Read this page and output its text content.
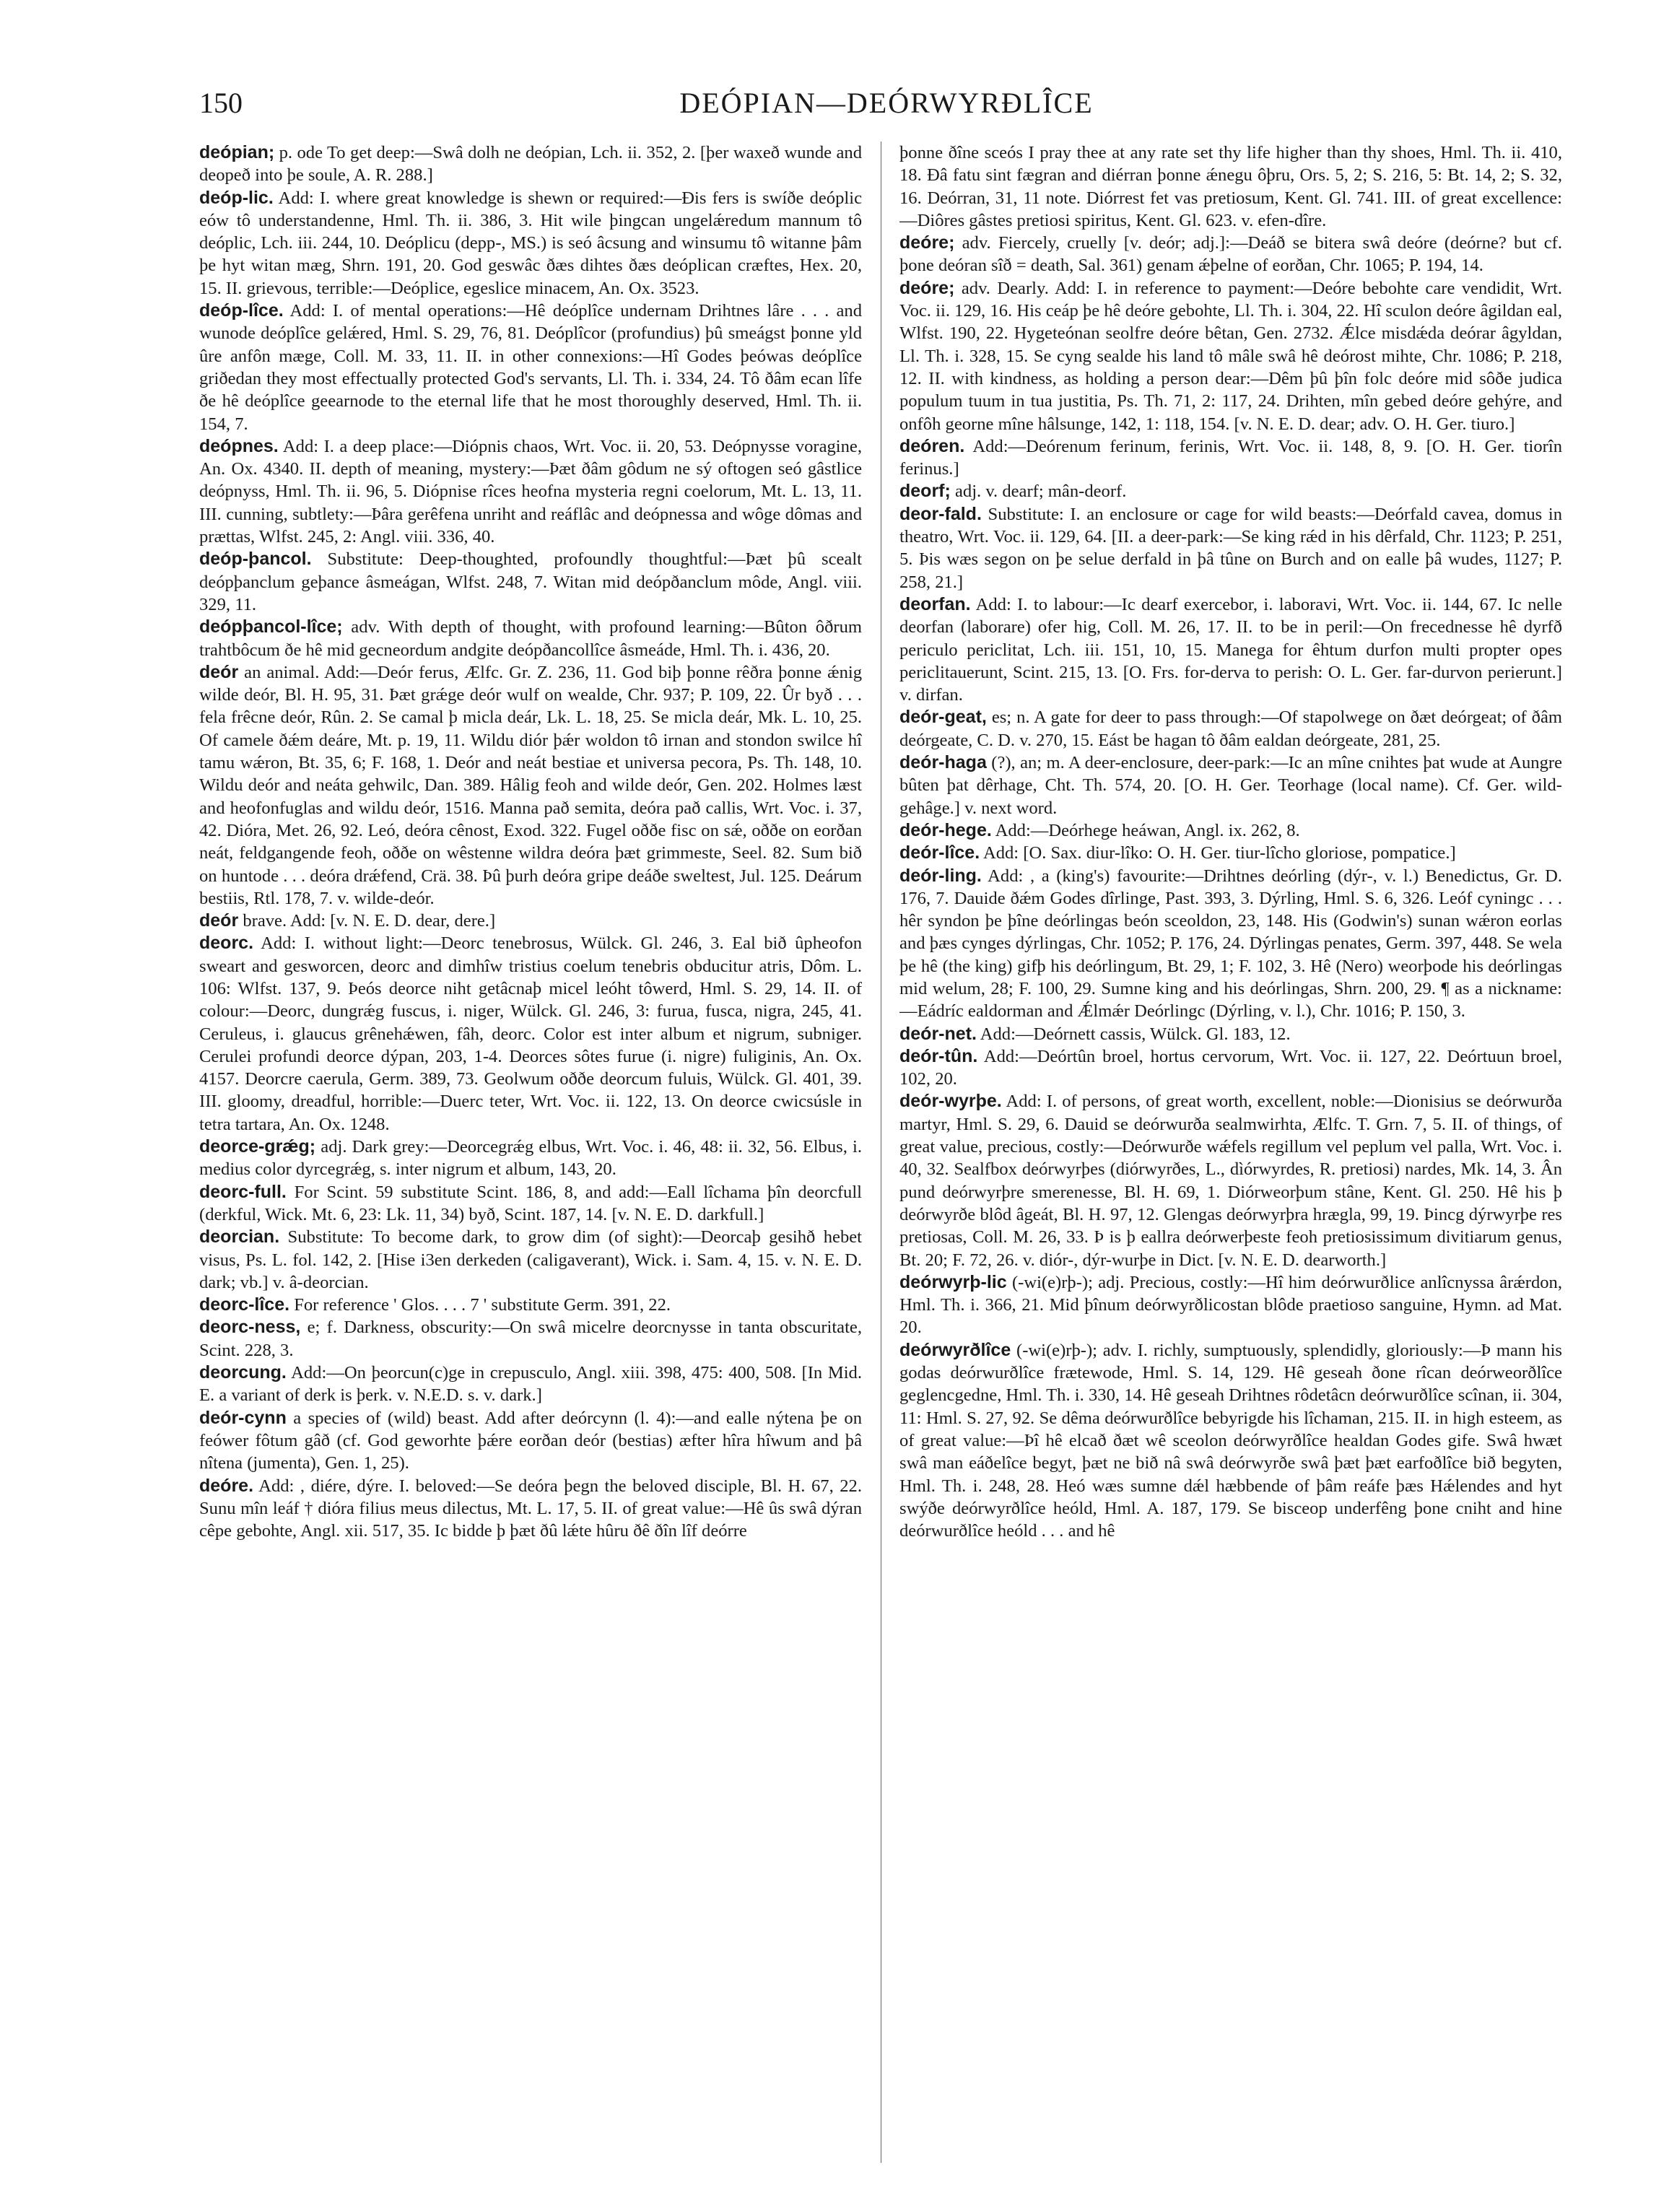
150	DEÓPIAN—DEÓRWYRÐLÎCE

deópian; p. ode To get deep:—Swâ dolh ne deópian, Lch. ii. 352, 2. [þer waxeð wunde and deopeð into þe soule, A. R. 288.]

deóp-lic. Add: I. where great knowledge is shewn or required:—Ðis fers is swíðe deóplic eów tô understandenne, Hml. Th. ii. 386, 3. Hit wile þingcan ungelǽredum mannum tô deóplic, Lch. iii. 244, 10. Deóplicu (depp-, MS.) is seó âcsung and winsumu tô witanne þâm þe hyt witan mæg, Shrn. 191, 20. God geswâc ðæs dihtes ðæs deóplican cræftes, Hex. 20, 15. II. grievous, terrible:—Deóplice, egeslice minacem, An. Ox. 3523.

deóp-lîce. Add: I. of mental operations:—Hê deóplîce undernam Drihtnes lâre . . . and wunode deóplîce gelǽred, Hml. S. 29, 76, 81. Deóplîcor (profundius) þû smeágst þonne yld ûre anfôn mæge, Coll. M. 33, 11. II. in other connexions:—Hî Godes þeówas deóplîce griðedan they most effectually protected God's servants, Ll. Th. i. 334, 24. Tô ðâm ecan lîfe ðe hê deóplîce geearnode to the eternal life that he most thoroughly deserved, Hml. Th. ii. 154, 7.

deópnes. Add: I. a deep place:—Diópnis chaos, Wrt. Voc. ii. 20, 53. Deópnysse voragine, An. Ox. 4340. II. depth of meaning, mystery:—Þæt ðâm gôdum ne sý oftogen seó gâstlice deópnyss, Hml. Th. ii. 96, 5. Diópnise rîces heofna mysteria regni coelorum, Mt. L. 13, 11. III. cunning, subtlety:—Þâra gerêfena unriht and reáflâc and deópnessa and wôge dômas and prættas, Wlfst. 245, 2: Angl. viii. 336, 40.

deóp-þancol. Substitute: Deep-thoughted, profoundly thoughtful:—Þæt þû scealt deópþanclum geþance âsmeágan, Wlfst. 248, 7. Witan mid deópðanclum môde, Angl. viii. 329, 11.

deópþancol-lîce; adv. With depth of thought, with profound learning:—Bûton ôðrum trahtbôcum ðe hê mid gecneordum andgite deópðancollîce âsmeáde, Hml. Th. i. 436, 20.

deór an animal. Add:—Deór ferus, Ælfc. Gr. Z. 236, 11. God biþ þonne rêðra þonne ǽnig wilde deór, Bl. H. 95, 31. Þæt grǽge deór wulf on wealde, Chr. 937; P. 109, 22. Ûr byð . . . fela frêcne deór, Rûn. 2. Se camal þ micla deár, Lk. L. 18, 25. Se micla deár, Mk. L. 10, 25. Of camele ðǽm deáre, Mt. p. 19, 11. Wildu diór þǽr woldon tô irnan and stondon swilce hî tamu wǽron, Bt. 35, 6; F. 168, 1. Deór and neát bestiae et universa pecora, Ps. Th. 148, 10. Wildu deór and neáta gehwilc, Dan. 389. Hâlig feoh and wilde deór, Gen. 202. Holmes læst and heofonfuglas and wildu deór, 1516. Manna pað semita, deóra pað callis, Wrt. Voc. i. 37, 42. Dióra, Met. 26, 92. Leó, deóra cênost, Exod. 322. Fugel oððe fisc on sǽ, oððe on eorðan neát, feldgangende feoh, oððe on wêstenne wildra deóra þæt grimmeste, Seel. 82. Sum bið on huntode . . . deóra drǽfend, Crä. 38. Þû þurh deóra gripe deáðe sweltest, Jul. 125. Deárum bestiis, Rtl. 178, 7. v. wilde-deór.

deór brave. Add: [v. N. E. D. dear, dere.]

deorc. Add: I. without light:—Deorc tenebrosus, Wülck. Gl. 246, 3. Eal bið ûpheofon sweart and gesworcen, deorc and dimhîw tristius coelum tenebris obducitur atris, Dôm. L. 106: Wlfst. 137, 9. Þeós deorce niht getâcnaþ micel leóht tôwerd, Hml. S. 29, 14. II. of colour:—Deorc, dungrǽg fuscus, i. niger, Wülck. Gl. 246, 3: furua, fusca, nigra, 245, 41. Ceruleus, i. glaucus grênehǽwen, fâh, deorc. Color est inter album et nigrum, subniger. Cerulei profundi deorce dýpan, 203, 1-4. Deorces sôtes furue (i. nigre) fuliginis, An. Ox. 4157. Deorcre caerula, Germ. 389, 73. Geolwum oððe deorcum fuluis, Wülck. Gl. 401, 39. III. gloomy, dreadful, horrible:—Duerc teter, Wrt. Voc. ii. 122, 13. On deorce cwicsúsle in tetra tartara, An. Ox. 1248.

deorce-grǽg; adj. Dark grey:—Deorcegrǽg elbus, Wrt. Voc. i. 46, 48: ii. 32, 56. Elbus, i. medius color dyrcegrǽg, s. inter nigrum et album, 143, 20.

deorc-full. For Scint. 59 substitute Scint. 186, 8, and add:—Eall lîchama þîn deorcfull (derkful, Wick. Mt. 6, 23: Lk. 11, 34) byð, Scint. 187, 14. [v. N. E. D. darkfull.]

deorcian. Substitute: To become dark, to grow dim (of sight):—Deorcaþ gesihð hebet visus, Ps. L. fol. 142, 2. [Hise i3en derkeden (caligaverant), Wick. i. Sam. 4, 15. v. N. E. D. dark; vb.] v. â-deorcian.

deorc-lîce. For reference ' Glos. . . . 7 ' substitute Germ. 391, 22.

deorc-ness, e; f. Darkness, obscurity:—On swâ micelre deorcnysse in tanta obscuritate, Scint. 228, 3.

deorcung. Add:—On þeorcun(c)ge in crepusculo, Angl. xiii. 398, 475: 400, 508. [In Mid. E. a variant of derk is þerk. v. N.E.D. s. v. dark.]

deór-cynn a species of (wild) beast. Add after deórcynn (l. 4):—and ealle nýtena þe on feówer fôtum gâð (cf. God geworhte þǽre eorðan deór (bestias) æfter hîra hîwum and þâ nîtena (jumenta), Gen. 1, 25).

deóre. Add: , diére, dýre. I. beloved:—Se deóra þegn the beloved disciple, Bl. H. 67, 22. Sunu mîn leáf † dióra filius meus dilectus, Mt. L. 17, 5. II. of great value:—Hê ûs swâ dýran cêpe gebohte, Angl. xii. 517, 35. Ic bidde þ þæt ðû lǽte hûru ðê ðîn lîf deórre

þonne ðîne sceós I pray thee at any rate set thy life higher than thy shoes, Hml. Th. ii. 410, 18. Ðâ fatu sint fægran and diérran þonne ǽnegu ôþru, Ors. 5, 2; S. 216, 5: Bt. 14, 2; S. 32, 16. Deórran, 31, 11 note. Diórrest fet vas pretiosum, Kent. Gl. 741. III. of great excellence:—Diôres gâstes pretiosi spiritus, Kent. Gl. 623. v. efen-dîre.

deóre; adv. Fiercely, cruelly [v. deór; adj.]:—Deáð se bitera swâ deóre (deórne? but cf. þone deóran sîð = death, Sal. 361) genam ǽþelne of eorðan, Chr. 1065; P. 194, 14.

deóre; adv. Dearly. Add: I. in reference to payment:—Deóre bebohte care vendidit, Wrt. Voc. ii. 129, 16. His ceáp þe hê deóre gebohte, Ll. Th. i. 304, 22. Hî sculon deóre âgildan eal, Wlfst. 190, 22. Hygeteónan seolfre deóre bêtan, Gen. 2732. Ǽlce misdǽda deórar âgyldan, Ll. Th. i. 328, 15. Se cyng sealde his land tô mâle swâ hê deórost mihte, Chr. 1086; P. 218, 12. II. with kindness, as holding a person dear:—Dêm þû þîn folc deóre mid sôðe judica populum tuum in tua justitia, Ps. Th. 71, 2: 117, 24. Drihten, mîn gebed deóre gehýre, and onfôh georne mîne hâlsunge, 142, 1: 118, 154. [v. N. E. D. dear; adv. O. H. Ger. tiuro.]

deóren. Add:—Deórenum ferinum, ferinis, Wrt. Voc. ii. 148, 8, 9. [O. H. Ger. tiorîn ferinus.]

deorf; adj. v. dearf; mân-deorf.

deor-fald. Substitute: I. an enclosure or cage for wild beasts:—Deórfald cavea, domus in theatro, Wrt. Voc. ii. 129, 64. [II. a deer-park:—Se king rǽd in his dêrfald, Chr. 1123; P. 251, 5. Þis wæs segon on þe selue derfald in þâ tûne on Burch and on ealle þâ wudes, 1127; P. 258, 21.]

deorfan. Add: I. to labour:—Ic dearf exercebor, i. laboravi, Wrt. Voc. ii. 144, 67. Ic nelle deorfan (laborare) ofer hig, Coll. M. 26, 17. II. to be in peril:—On frecednesse hê dyrfð periculo periclitat, Lch. iii. 151, 10, 15. Manega for êhtum durfon multi propter opes periclitauerunt, Scint. 215, 13. [O. Frs. for-derva to perish: O. L. Ger. far-durvon perierunt.] v. dirfan.

deór-geat, es; n. A gate for deer to pass through:—Of stapolwege on ðæt deórgeat; of ðâm deórgeate, C. D. v. 270, 15. Eást be hagan tô ðâm ealdan deórgeate, 281, 25.

deór-haga (?), an; m. A deer-enclosure, deer-park:—Ic an mîne cnihtes þat wude at Aungre bûten þat dêrhage, Cht. Th. 574, 20. [O. H. Ger. Teorhage (local name). Cf. Ger. wild-gehâge.] v. next word.

deór-hege. Add:—Deórhege heáwan, Angl. ix. 262, 8.

deór-lîce. Add: [O. Sax. diur-lîko: O. H. Ger. tiur-lîcho gloriose, pompatice.]

deór-ling. Add: , a (king's) favourite:—Drihtnes deórling (dýr-, v. l.) Benedictus, Gr. D. 176, 7. Dauide ðǽm Godes dîrlinge, Past. 393, 3. Dýrling, Hml. S. 6, 326. Leóf cyningc . . . hêr syndon þe þîne deórlingas beón sceoldon, 23, 148. His (Godwin's) sunan wǽron eorlas and þæs cynges dýrlingas, Chr. 1052; P. 176, 24. Dýrlingas penates, Germ. 397, 448. Se wela þe hê (the king) gifþ his deórlingum, Bt. 29, 1; F. 102, 3. Hê (Nero) weorþode his deórlingas mid welum, 28; F. 100, 29. Sumne king and his deórlingas, Shrn. 200, 29. ¶ as a nickname:—Eádríc ealdorman and Ǽlmǽr Deórlingc (Dýrling, v. l.), Chr. 1016; P. 150, 3.

deór-net. Add:—Deórnett cassis, Wülck. Gl. 183, 12.

deór-tûn. Add:—Deórtûn broel, hortus cervorum, Wrt. Voc. ii. 127, 22. Deórtuun broel, 102, 20.

deór-wyrþe. Add: I. of persons, of great worth, excellent, noble:—Dionisius se deórwurða martyr, Hml. S. 29, 6. Dauid se deórwurða sealmwirhta, Ælfc. T. Grn. 7, 5. II. of things, of great value, precious, costly:—Deórwurðe wǽfels regillum vel peplum vel palla, Wrt. Voc. i. 40, 32. Sealfbox deórwyrþes (diórwyrðes, L., dìórwyrdes, R. pretiosi) nardes, Mk. 14, 3. Ân pund deórwyrþre smerenesse, Bl. H. 69, 1. Diórweorþum stâne, Kent. Gl. 250. Hê his þ deórwyrðe blôd âgeát, Bl. H. 97, 12. Glengas deórwyrþra hrægla, 99, 19. Þincg dýrwyrþe res pretiosas, Coll. M. 26, 33. Þ is þ eallra deórwerþeste feoh pretiosissimum divitiarum genus, Bt. 20; F. 72, 26. v. diór-, dýr-wurþe in Dict. [v. N. E. D. dearworth.]

deórwyrþ-lic (-wi(e)rþ-); adj. Precious, costly:—Hî him deórwurðlice anlîcnyssa ârǽrdon, Hml. Th. i. 366, 21. Mid þînum deórwyrðlicostan blôde praetioso sanguine, Hymn. ad Mat. 20.

deórwyrðlîce (-wi(e)rþ-); adv. I. richly, sumptuously, splendidly, gloriously:—Þ mann his godas deórwurðlîce frætewode, Hml. S. 14, 129. Hê geseah ðone rîcan deórweorðlîce geglencgedne, Hml. Th. i. 330, 14. Hê geseah Drihtnes rôdetâcn deórwurðlîce scînan, ii. 304, 11: Hml. S. 27, 92. Se dêma deórwurðlîce bebyrigde his lîchaman, 215. II. in high esteem, as of great value:—Þî hê elcað ðæt wê sceolon deórwyrðlîce healdan Godes gife. Swâ hwæt swâ man eáðelîce begyt, þæt ne bið nâ swâ deórwyrðe swâ þæt þæt earfoðlîce bið begyten, Hml. Th. i. 248, 28. Heó wæs sumne dǽl hæbbende of þâm reáfe þæs Hǽlendes and hyt swýðe deórwyrðlîce heóld, Hml. A. 187, 179. Se bisceop underfêng þone cniht and hine deórwurðlîce heóld . . . and hê
